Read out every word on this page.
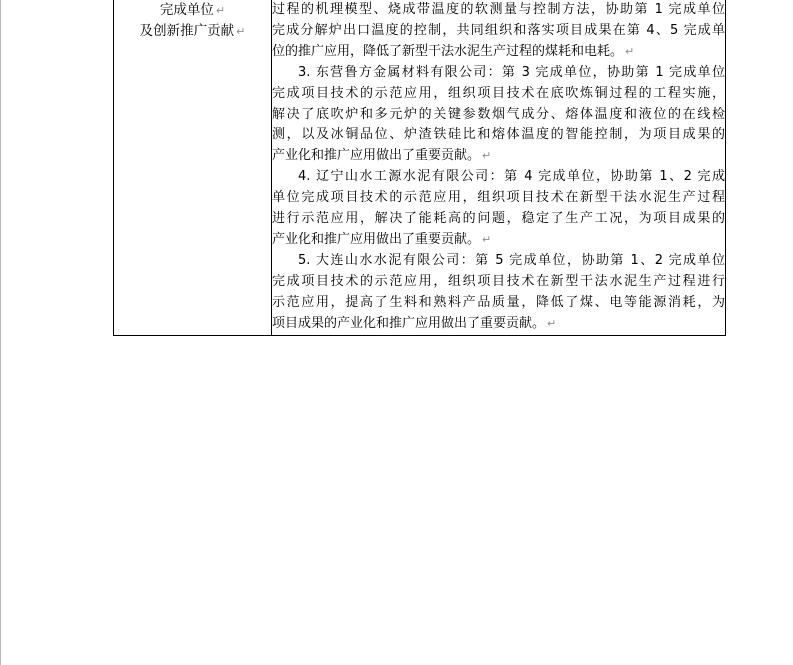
完成单位 ↵
及创新推广贡献 ↵

过程的机理模型、烧成带温度的软测量与控制方法，协助第 1 完成单位
完成分解炉出口温度的控制，共同组织和落实项目成果在第 4、5 完成单
位的推广应用，降低了新型干法水泥生产过程的煤耗和电耗。 ↵
3. 东营鲁方金属材料有限公司：第 3 完成单位，协助第 1 完成单位
完成项目技术的示范应用，组织项目技术在底吹炼铜过程的工程实施，
解决了底吹炉和多元炉的关键参数烟气成分、熔体温度和液位的在线检
测，以及冰铜品位、炉渣铁硅比和熔体温度的智能控制，为项目成果的
产业化和推广应用做出了重要贡献。 ↵
4. 辽宁山水工源水泥有限公司：第 4 完成单位，协助第 1、2 完成
单位完成项目技术的示范应用，组织项目技术在新型干法水泥生产过程
进行示范应用，解决了能耗高的问题，稳定了生产工况，为项目成果的
产业化和推广应用做出了重要贡献。 ↵
5. 大连山水水泥有限公司：第 5 完成单位，协助第 1、2 完成单位
完成项目技术的示范应用，组织项目技术在新型干法水泥生产过程进行
示范应用，提高了生料和熟料产品质量，降低了煤、电等能源消耗，为
项目成果的产业化和推广应用做出了重要贡献。 ↵
